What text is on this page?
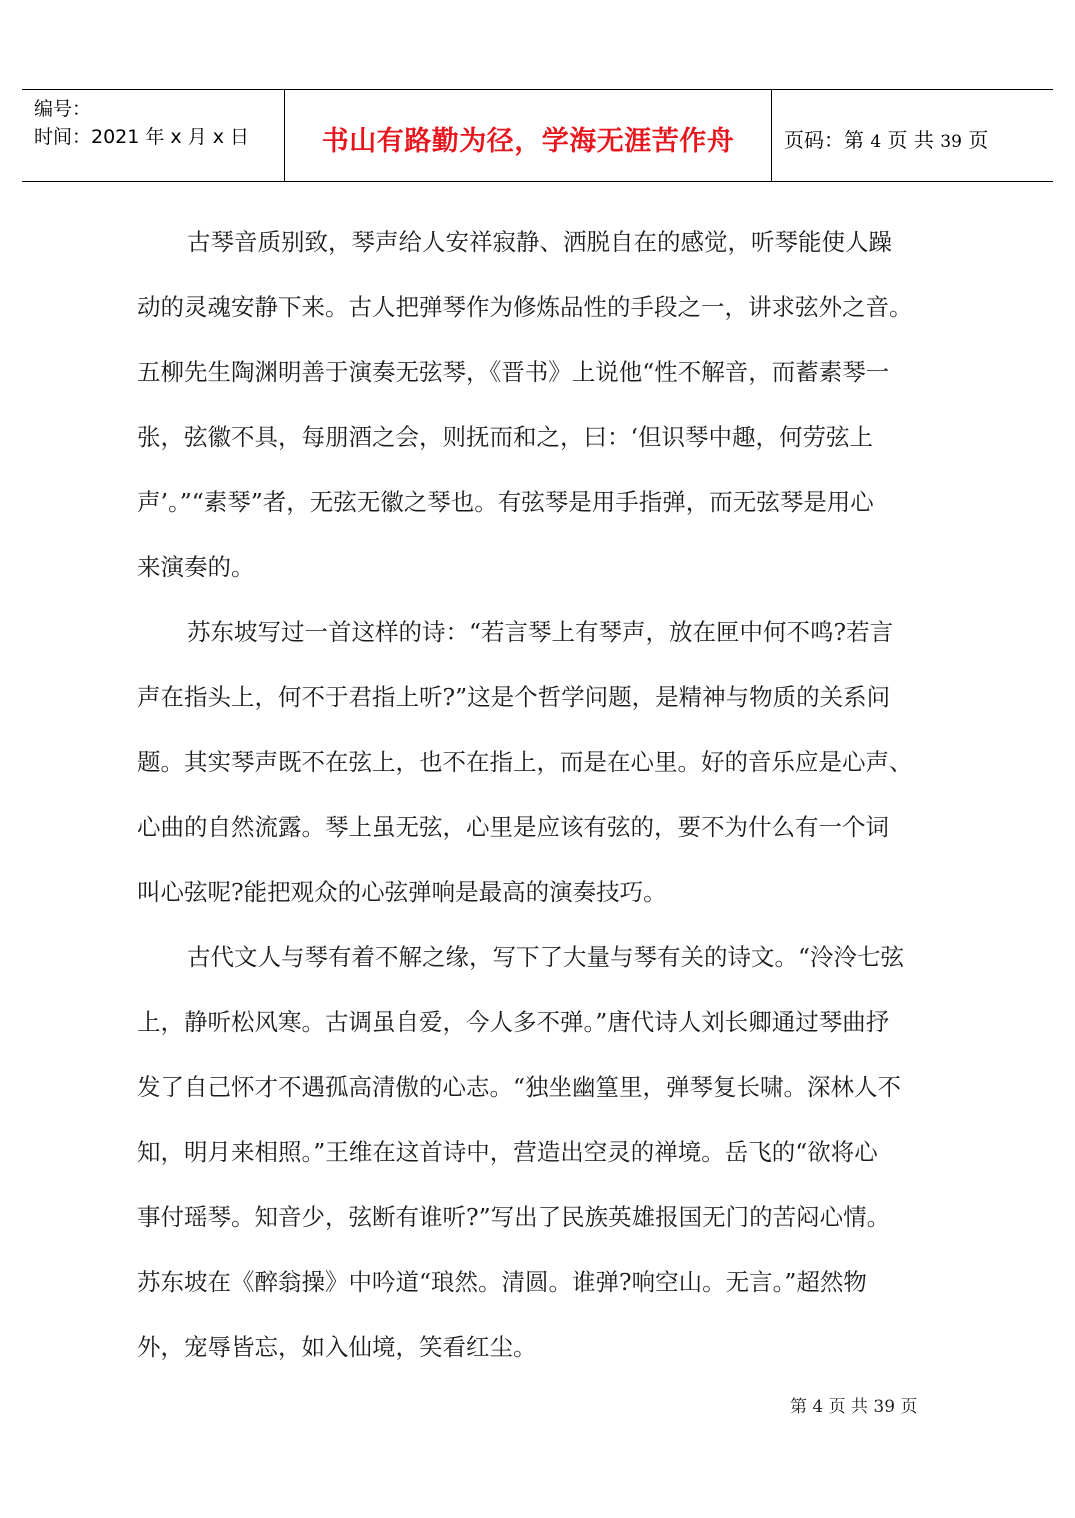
编号：
时间：2021 年 x 月 x 日	书山有路勤为径，学海无涯苦作舟	页码：第 4 页 共 39 页
古琴音质别致，琴声给人安祥寂静、洒脱自在的感觉，听琴能使人躁
动的灵魂安静下来。古人把弹琴作为修炼品性的手段之一，讲求弦外之音。
五柳先生陶渊明善于演奏无弦琴，《晋书》上说他“性不解音，而蓄素琴一
张，弦徽不具，每朋酒之会，则抚而和之，曰：‘但识琴中趣，何劳弦上
声’。”“素琴”者，无弦无徽之琴也。有弦琴是用手指弹，而无弦琴是用心
来演奏的。
苏东坡写过一首这样的诗：“若言琴上有琴声，放在匣中何不鸣?若言
声在指头上，何不于君指上听?”这是个哲学问题，是精神与物质的关系问
题。其实琴声既不在弦上，也不在指上，而是在心里。好的音乐应是心声、
心曲的自然流露。琴上虽无弦，心里是应该有弦的，要不为什么有一个词
叫心弦呢?能把观众的心弦弹响是最高的演奏技巧。
古代文人与琴有着不解之缘，写下了大量与琴有关的诗文。“泠泠七弦
上，静听松风寒。古调虽自爱，今人多不弹。”唐代诗人刘长卿通过琴曲抒
发了自己怀才不遇孤高清傲的心志。“独坐幽篁里，弹琴复长啸。深林人不
知，明月来相照。”王维在这首诗中，营造出空灵的禅境。岳飞的“欲将心
事付瑶琴。知音少，弦断有谁听?”写出了民族英雄报国无门的苦闷心情。
苏东坡在《醉翁操》中吟道“琅然。清圆。谁弹?响空山。无言。”超然物
外，宠辱皆忘，如入仙境，笑看红尘。
第 4 页 共 39 页
